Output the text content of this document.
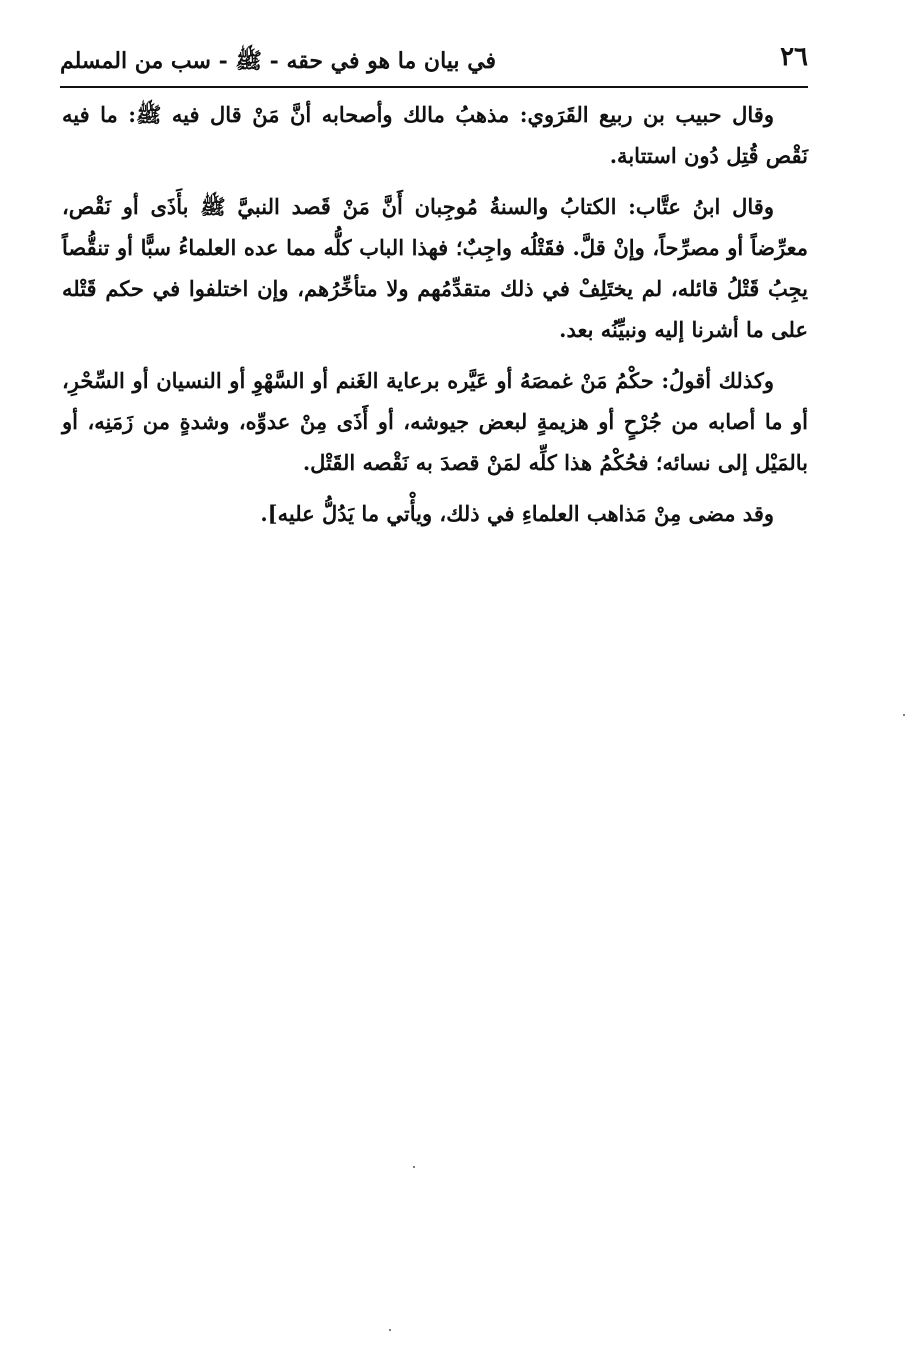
٢٦
في بيان ما هو في حقه - ﷺ - سب من المسلم

وقال حبيب بن ربيع القَرَوي: مذهبُ مالك وأصحابه أنَّ مَنْ قال فيه ﷺ: ما فيه نَقْص قُتِل دُون استتابة.

وقال ابنُ عتَّاب: الكتابُ والسنةُ مُوجِبان أَنَّ مَنْ قَصد النبيَّ ﷺ بأَذَى أو نَقْص، معرِّضاً أو مصرِّحاً، وإنْ قلَّ. فقَتْلُه واجِبٌ؛ فهذا الباب كلُّه مما عده العلماءُ سبًّا أو تنقُّصاً يجِبُ قَتْلُ قائله، لم يختَلِفْ في ذلك متقدِّمُهم ولا متأخِّرُهم، وإن اختلفوا في حكم قَتْله على ما أشرنا إليه ونبيِّنُه بعد.

وكذلك أقولُ: حكْمُ مَنْ غمصَهُ أو عَيَّره برعاية الغَنم أو السَّهْوِ أو النسيان أو السِّحْرِ، أو ما أصابه من جُرْحٍ أو هزيمةٍ لبعض جيوشه، أو أَذَى مِنْ عدوِّه، وشدةٍ من زَمَنِه، أو بالمَيْل إلى نسائه؛ فحُكْمُ هذا كلِّه لمَنْ قصدَ به نَقْصه القَتْل.

وقد مضى مِنْ مَذاهب العلماءِ في ذلك، ويأْتي ما يَدُلُّ عليه].
